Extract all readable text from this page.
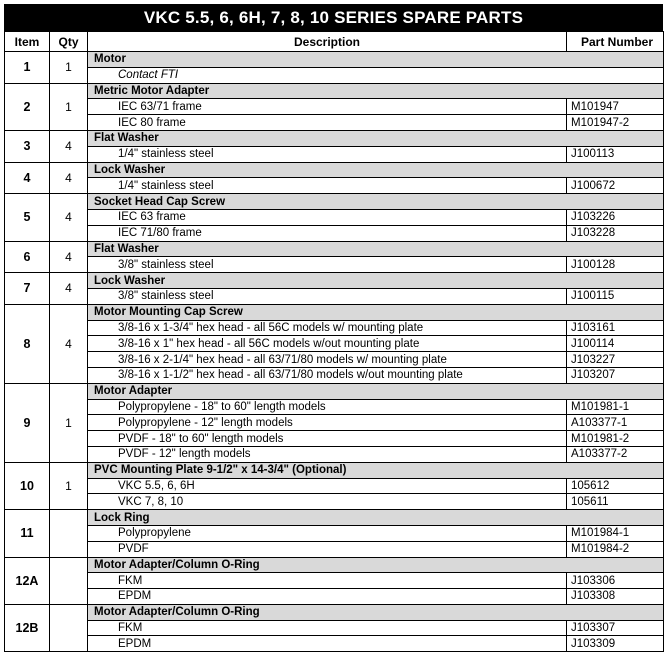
VKC 5.5, 6, 6H, 7, 8, 10 SERIES SPARE PARTS
Item	Qty	Description	Part Number
1	1	Motor	
		Contact FTI	
2	1	Metric Motor Adapter	
		IEC 63/71 frame	M101947
		IEC 80 frame	M101947-2
3	4	Flat Washer	
		1/4" stainless steel	J100113
4	4	Lock Washer	
		1/4" stainless steel	J100672
5	4	Socket Head Cap Screw	
		IEC 63 frame	J103226
		IEC 71/80 frame	J103228
6	4	Flat Washer	
		3/8" stainless steel	J100128
7	4	Lock Washer	
		3/8" stainless steel	J100115
8	4	Motor Mounting Cap Screw	
		3/8-16 x 1-3/4" hex head - all 56C models w/ mounting plate	J103161
		3/8-16 x 1" hex head - all 56C models w/out mounting plate	J100114
		3/8-16 x 2-1/4" hex head - all 63/71/80 models w/ mounting plate	J103227
		3/8-16 x 1-1/2" hex head - all 63/71/80 models w/out mounting plate	J103207
9	1	Motor Adapter	
		Polypropylene - 18" to 60" length models	M101981-1
		Polypropylene - 12" length models	A103377-1
		PVDF - 18" to 60" length models	M101981-2
		PVDF - 12" length models	A103377-2
10	1	PVC Mounting Plate 9-1/2" x 14-3/4" (Optional)	
		VKC 5.5, 6, 6H	105612
		VKC 7, 8, 10	105611
11		Lock Ring	
		Polypropylene	M101984-1
		PVDF	M101984-2
12A		Motor Adapter/Column O-Ring	
		FKM	J103306
		EPDM	J103308
12B		Motor Adapter/Column O-Ring	
		FKM	J103307
		EPDM	J103309
